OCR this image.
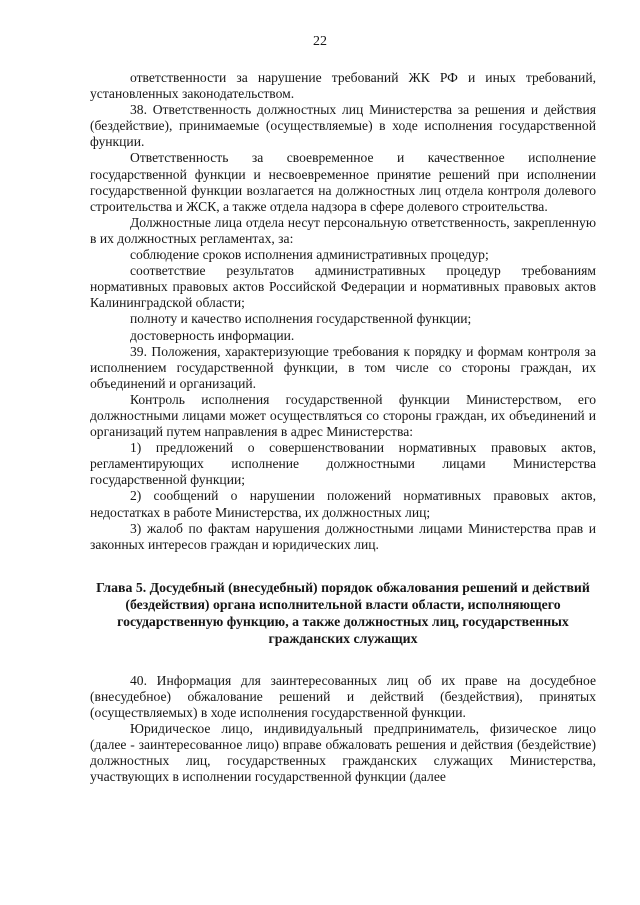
22

ответственности за нарушение требований ЖК РФ и иных требований, установленных законодательством.

38. Ответственность должностных лиц Министерства за решения и действия (бездействие), принимаемые (осуществляемые) в ходе исполнения государственной функции.

Ответственность за своевременное и качественное исполнение государственной функции и несвоевременное принятие решений при исполнении государственной функции возлагается на должностных лиц отдела контроля долевого строительства и ЖСК, а также отдела надзора в сфере долевого строительства.

Должностные лица отдела несут персональную ответственность, закрепленную в их должностных регламентах, за:

соблюдение сроков исполнения административных процедур;

соответствие результатов административных процедур требованиям нормативных правовых актов Российской Федерации и нормативных правовых актов Калининградской области;

полноту и качество исполнения государственной функции;

достоверность информации.

39. Положения, характеризующие требования к порядку и формам контроля за исполнением государственной функции, в том числе со стороны граждан, их объединений и организаций.

Контроль исполнения государственной функции Министерством, его должностными лицами может осуществляться со стороны граждан, их объединений и организаций путем направления в адрес Министерства:

1) предложений о совершенствовании нормативных правовых актов, регламентирующих исполнение должностными лицами Министерства государственной функции;

2) сообщений о нарушении положений нормативных правовых актов, недостатках в работе Министерства, их должностных лиц;

3) жалоб по фактам нарушения должностными лицами Министерства прав и законных интересов граждан и юридических лиц.

Глава 5. Досудебный (внесудебный) порядок обжалования решений и действий (бездействия) органа исполнительной власти области, исполняющего государственную функцию, а также должностных лиц, государственных гражданских служащих

40. Информация для заинтересованных лиц об их праве на досудебное (внесудебное) обжалование решений и действий (бездействия), принятых (осуществляемых) в ходе исполнения государственной функции.

Юридическое лицо, индивидуальный предприниматель, физическое лицо (далее - заинтересованное лицо) вправе обжаловать решения и действия (бездействие) должностных лиц, государственных гражданских служащих Министерства, участвующих в исполнении государственной функции (далее
